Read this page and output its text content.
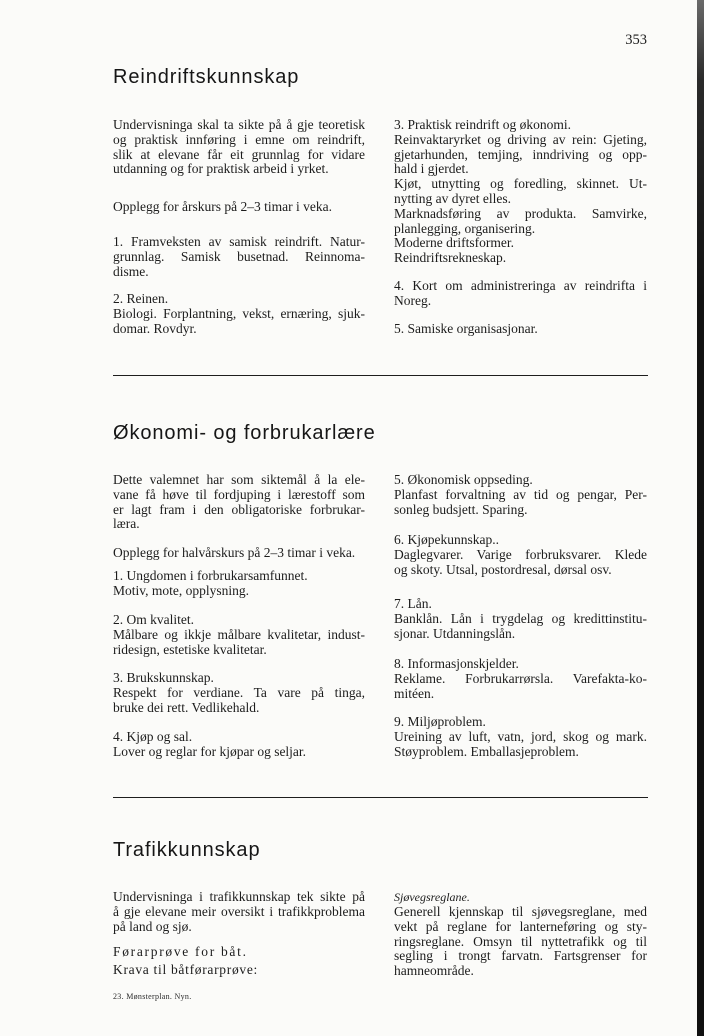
353
Reindriftskunnskap
Undervisninga skal ta sikte på å gje teoretisk
og praktisk innføring i emne om reindrift,
slik at elevane får eit grunnlag for vidare
utdanning og for praktisk arbeid i yrket.
Opplegg for årskurs på 2–3 timar i veka.
1. Framveksten av samisk reindrift. Natur-
grunnlag. Samisk busetnad. Reinnoma-
disme.
2. Reinen.
Biologi. Forplantning, vekst, ernæring, sjuk-
domar. Rovdyr.
3. Praktisk reindrift og økonomi.
Reinvaktaryrket og driving av rein: Gjeting,
gjetarhunden, temjing, inndriving og opp-
hald i gjerdet.
Kjøt, utnytting og foredling, skinnet. Ut-
nytting av dyret elles.
Marknadsføring av produkta. Samvirke,
planlegging, organisering.
Moderne driftsformer.
Reindriftsrekneskap.
4. Kort om administreringa av reindrifta i
Noreg.
5. Samiske organisasjonar.
Økonomi- og forbrukarlære
Dette valemnet har som siktemål å la ele-
vane få høve til fordjuping i lærestoff som
er lagt fram i den obligatoriske forbrukar-
læra.
Opplegg for halvårskurs på 2–3 timar i veka.
1. Ungdomen i forbrukarsamfunnet.
Motiv, mote, opplysning.
2. Om kvalitet.
Målbare og ikkje målbare kvalitetar, indust-
ridesign, estetiske kvalitetar.
3. Brukskunnskap.
Respekt for verdiane. Ta vare på tinga,
bruke dei rett. Vedlikehald.
4. Kjøp og sal.
Lover og reglar for kjøpar og seljar.
5. Økonomisk oppseding.
Planfast forvaltning av tid og pengar, Per-
sonleg budsjett. Sparing.
6. Kjøpekunnskap..
Daglegvarer. Varige forbruksvarer. Klede
og skoty. Utsal, postordresal, dørsal osv.
7. Lån.
Banklån. Lån i trygdelag og kredittinstitu-
sjonar. Utdanningslån.
8. Informasjonskjelder.
Reklame. Forbrukarrørsla. Varefakta-ko-
mitéen.
9. Miljøproblem.
Ureining av luft, vatn, jord, skog og mark.
Støyproblem. Emballasjeproblem.
Trafikkunnskap
Undervisninga i trafikkunnskap tek sikte på
å gje elevane meir oversikt i trafikkproblema
på land og sjø.
Førarprøve for båt.
Krava til båtførarprøve:
Sjøvegsreglane.
Generell kjennskap til sjøvegsreglane, med
vekt på reglane for lanterneføring og sty-
ringsreglane. Omsyn til nyttetrafikk og til
segling i trongt farvatn. Fartsgrenser for
hamneområde.
23. Mønsterplan. Nyn.
